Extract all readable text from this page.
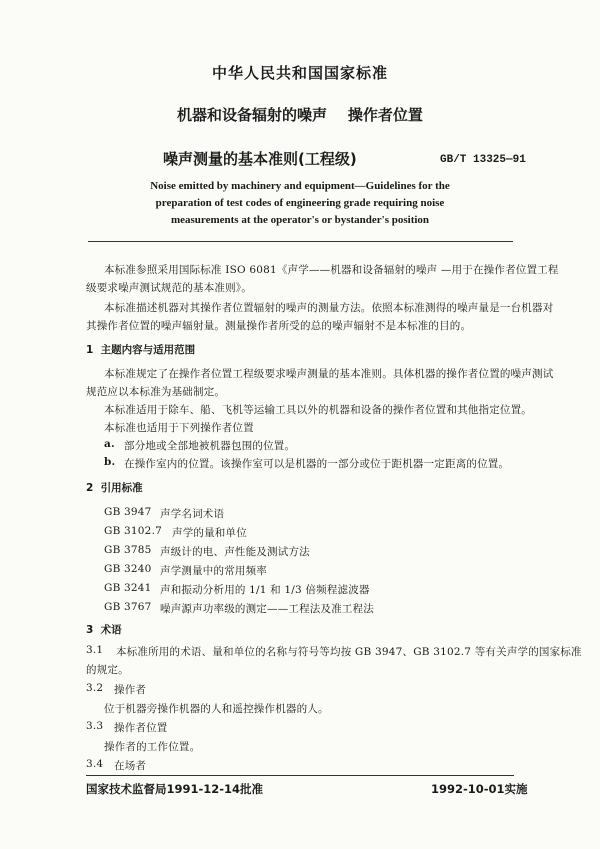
中华人民共和国国家标准
机器和设备辐射的噪声    操作者位置
噪声测量的基本准则(工程级)	GB/T 13325—91
Noise emitted by machinery and equipment—Guidelines for the
preparation of test codes of engineering grade requiring noise
measurements at the operator's or bystander's position
本标准参照采用国际标准 ISO 6081《声学——机器和设备辐射的噪声 —用于在操作者位置工程
级要求噪声测试规范的基本准则》。
本标准描述机器对其操作者位置辐射的噪声的测量方法。依照本标准测得的噪声量是一台机器对
其操作者位置的噪声辐射量。测量操作者所受的总的噪声辐射不是本标准的目的。
1  主题内容与适用范围
本标准规定了在操作者位置工程级要求噪声测量的基本准则。具体机器的操作者位置的噪声测试
规范应以本标准为基础制定。
本标准适用于除车、船、飞机等运输工具以外的机器和设备的操作者位置和其他指定位置。
本标准也适用于下列操作者位置
a. 部分地或全部地被机器包围的位置。
b. 在操作室内的位置。该操作室可以是机器的一部分或位于距机器一定距离的位置。
2  引用标准
GB 3947 声学名词术语
GB 3102.7 声学的量和单位
GB 3785 声级计的电、声性能及测试方法
GB 3240 声学测量中的常用频率
GB 3241 声和振动分析用的 1/1 和 1/3 倍频程滤波器
GB 3767 噪声源声功率级的测定——工程法及准工程法
3  术语
3.1 本标准所用的术语、量和单位的名称与符号等均按 GB 3947、GB 3102.7 等有关声学的国家标准
的规定。
3.2 操作者
位于机器旁操作机器的人和遥控操作机器的人。
3.3 操作者位置
操作者的工作位置。
3.4 在场者
国家技术监督局1991-12-14批准	1992-10-01实施
